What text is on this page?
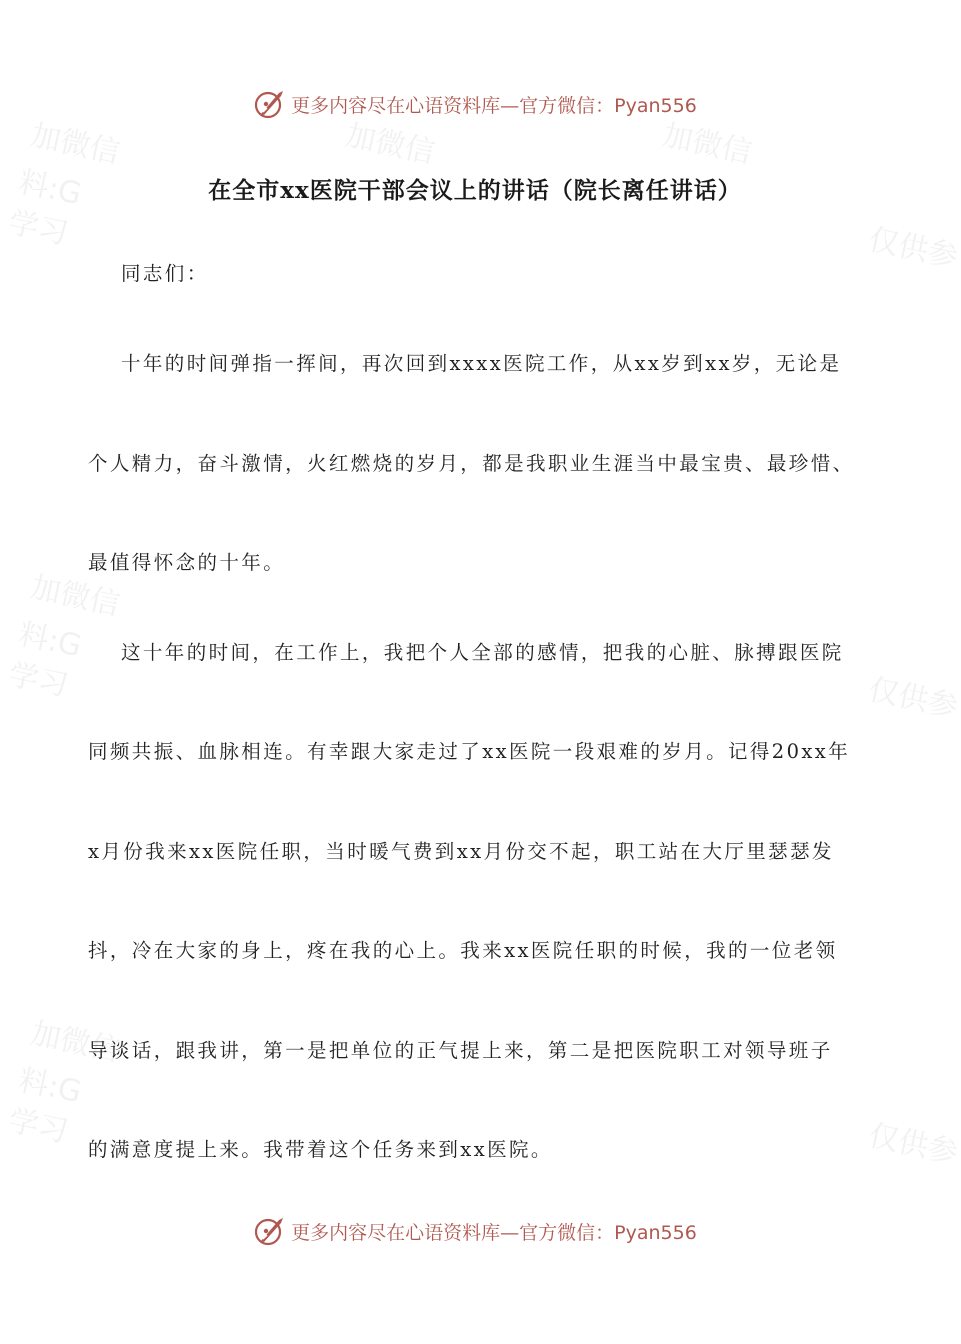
加微信	加微信	加微信
料:G
学习	仅供参
加微信
料:G
学习	仅供参
加微信
料:G
学习	仅供参
更多内容尽在心语资料库—官方微信：Pyan556
在全市xx医院干部会议上的讲话（院长离任讲话）
同志们：
十年的时间弹指一挥间，再次回到xxxx医院工作，从xx岁到xx岁，无论是
个人精力，奋斗激情，火红燃烧的岁月，都是我职业生涯当中最宝贵、最珍惜、
最值得怀念的十年。
这十年的时间，在工作上，我把个人全部的感情，把我的心脏、脉搏跟医院
同频共振、血脉相连。有幸跟大家走过了xx医院一段艰难的岁月。记得20xx年
x月份我来xx医院任职，当时暖气费到xx月份交不起，职工站在大厅里瑟瑟发
抖，冷在大家的身上，疼在我的心上。我来xx医院任职的时候，我的一位老领
导谈话，跟我讲，第一是把单位的正气提上来，第二是把医院职工对领导班子
的满意度提上来。我带着这个任务来到xx医院。
更多内容尽在心语资料库—官方微信：Pyan556
